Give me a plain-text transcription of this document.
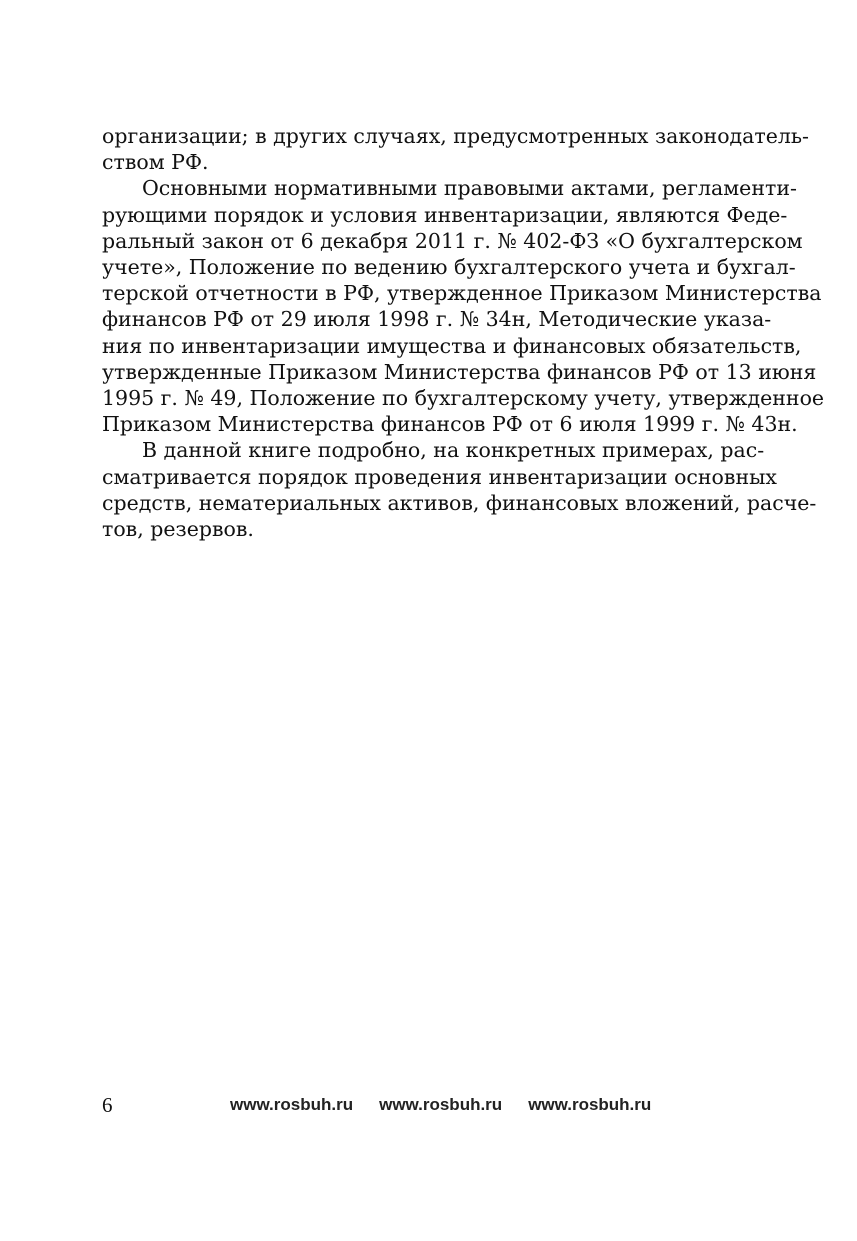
организации; в других случаях, предусмотренных законодатель-
ством РФ.

Основными нормативными правовыми актами, регламенти-
рующими порядок и условия инвентаризации, являются Феде-
ральный закон от 6 декабря 2011 г. № 402-ФЗ «О бухгалтерском
учете», Положение по ведению бухгалтерского учета и бухгал-
терской отчетности в РФ, утвержденное Приказом Министерства
финансов РФ от 29 июля 1998 г. № 34н, Методические указа-
ния по инвентаризации имущества и финансовых обязательств,
утвержденные Приказом Министерства финансов РФ от 13 июня
1995 г. № 49, Положение по бухгалтерскому учету, утвержденное
Приказом Министерства финансов РФ от 6 июля 1999 г. № 43н.

В данной книге подробно, на конкретных примерах, рас-
сматривается порядок проведения инвентаризации основных
средств, нематериальных активов, финансовых вложений, расче-
тов, резервов.

6	www.rosbuh.ru www.rosbuh.ru www.rosbuh.ru
